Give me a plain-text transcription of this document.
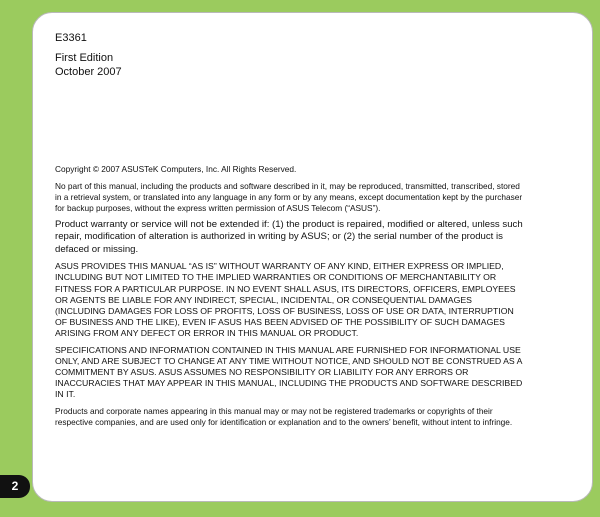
E3361

First Edition

October 2007

Copyright © 2007 ASUSTeK Computers, Inc. All Rights Reserved.

No part of this manual, including the products and software described in it, may be reproduced, transmitted, transcribed, stored in a retrieval system, or translated into any language in any form or by any means, except documentation kept by the purchaser for backup purposes, without the express written permission of ASUS Telecom (“ASUS”).

Product warranty or service will not be extended if: (1) the product is repaired, modified or altered, unless such repair, modification of alteration is authorized in writing by ASUS; or (2) the serial number of the product is defaced or missing.

ASUS PROVIDES THIS MANUAL “AS IS” WITHOUT WARRANTY OF ANY KIND, EITHER EXPRESS OR IMPLIED, INCLUDING BUT NOT LIMITED TO THE IMPLIED WARRANTIES OR CONDITIONS OF MERCHANTABILITY OR FITNESS FOR A PARTICULAR PURPOSE. IN NO EVENT SHALL ASUS, ITS DIRECTORS, OFFICERS, EMPLOYEES OR AGENTS BE LIABLE FOR ANY INDIRECT, SPECIAL, INCIDENTAL, OR CONSEQUENTIAL DAMAGES (INCLUDING DAMAGES FOR LOSS OF PROFITS, LOSS OF BUSINESS, LOSS OF USE OR DATA, INTERRUPTION OF BUSINESS AND THE LIKE), EVEN IF ASUS HAS BEEN ADVISED OF THE POSSIBILITY OF SUCH DAMAGES ARISING FROM ANY DEFECT OR ERROR IN THIS MANUAL OR PRODUCT.

SPECIFICATIONS AND INFORMATION CONTAINED IN THIS MANUAL ARE FURNISHED FOR INFORMATIONAL USE ONLY, AND ARE SUBJECT TO CHANGE AT ANY TIME WITHOUT NOTICE, AND SHOULD NOT BE CONSTRUED AS A COMMITMENT BY ASUS. ASUS ASSUMES NO RESPONSIBILITY OR LIABILITY FOR ANY ERRORS OR INACCURACIES THAT MAY APPEAR IN THIS MANUAL, INCLUDING THE PRODUCTS AND SOFTWARE DESCRIBED IN IT.

Products and corporate names appearing in this manual may or may not be registered trademarks or copyrights of their respective companies, and are used only for identification or explanation and to the owners’ benefit, without intent to infringe.

2
